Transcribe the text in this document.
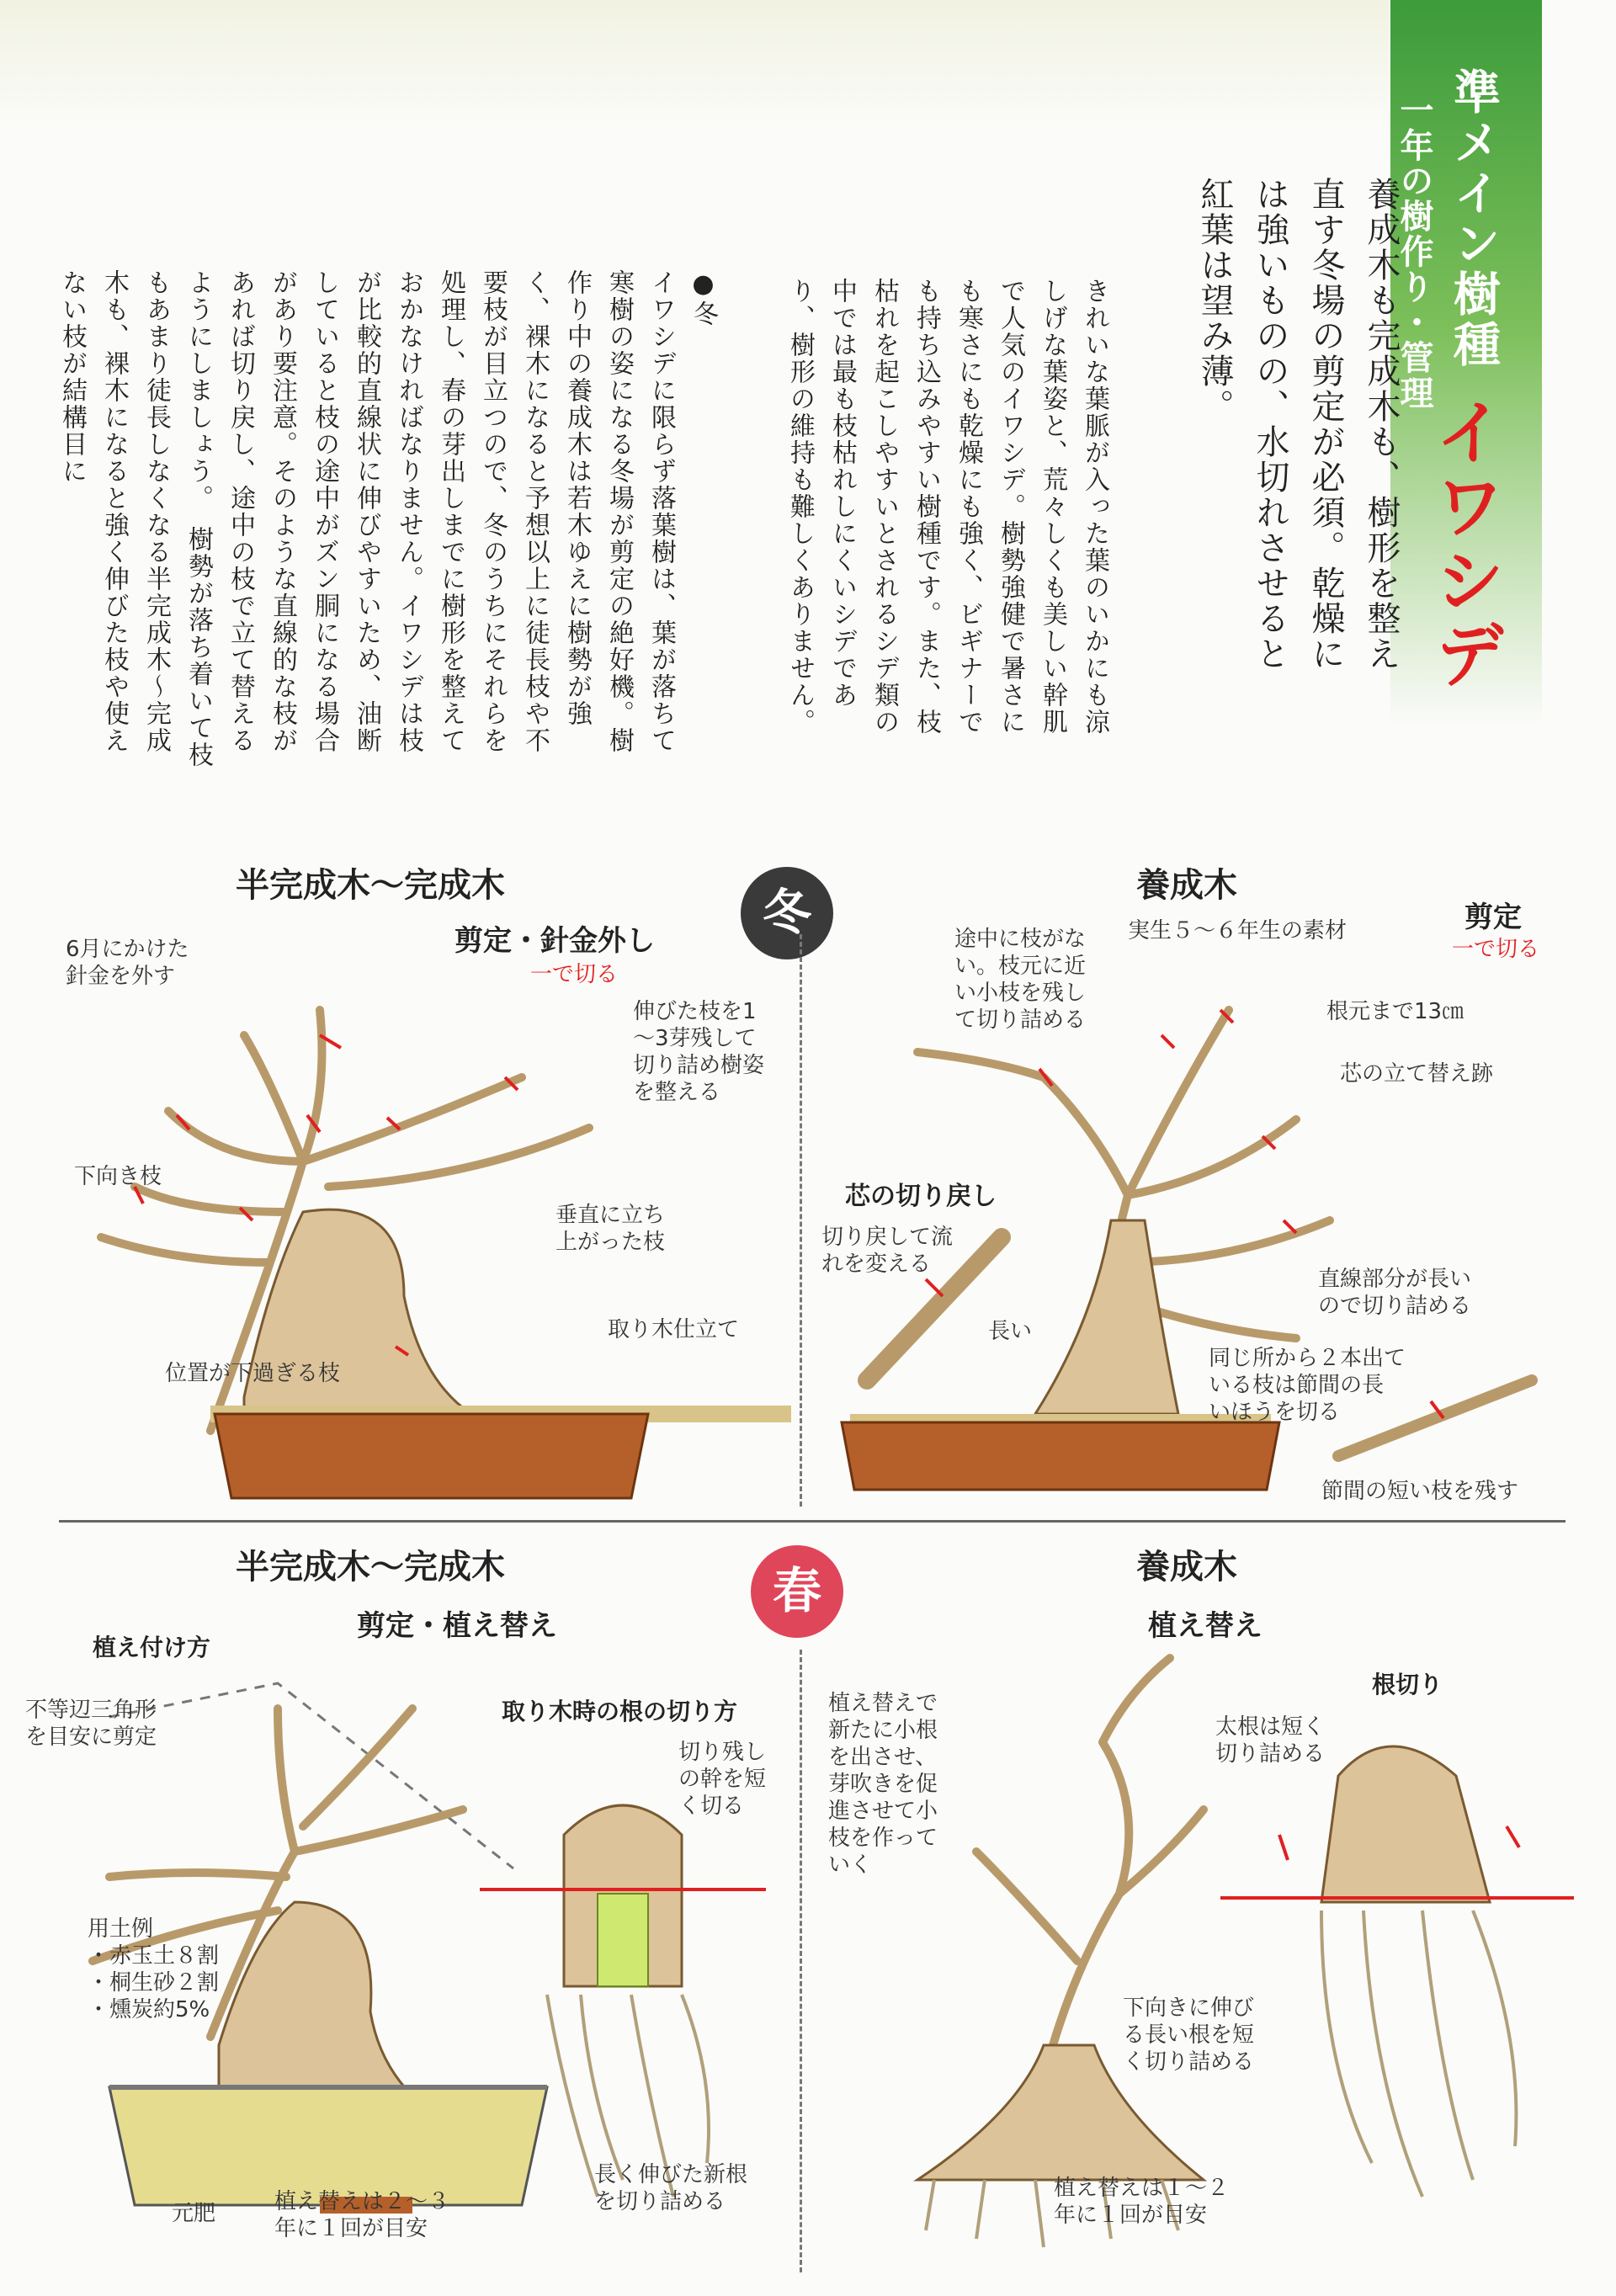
準メイン樹種

一年の樹作り・管理

イワシデ

養成木も完成木も、樹形を整え直す冬場の剪定が必須。乾燥には強いものの、水切れさせると紅葉は望み薄。

きれいな葉脈が入った葉のいかにも涼しげな葉姿と、荒々しくも美しい幹肌で人気のイワシデ。樹勢強健で暑さにも寒さにも乾燥にも強く、ビギナーでも持ち込みやすい樹種です。また、枝枯れを起こしやすいとされるシデ類の中では最も枝枯れしにくいシデであり、樹形の維持も難しくありません。

●冬
イワシデに限らず落葉樹は、葉が落ちて寒樹の姿になる冬場が剪定の絶好機。樹作り中の養成木は若木ゆえに樹勢が強く、裸木になると予想以上に徒長枝や不要枝が目立つので、冬のうちにそれらを処理し、春の芽出しまでに樹形を整えておかなければなりません。イワシデは枝が比較的直線状に伸びやすいため、油断していると枝の途中がズン胴になる場合があり要注意。そのような直線的な枝があれば切り戻し、途中の枝で立て替えるようにしましょう。　樹勢が落ち着いて枝もあまり徒長しなくなる半完成木～完成木も、裸木になると強く伸びた枝や使えない枝が結構目に
半完成木～完成木	冬	養成木
剪定・針金外し
一で切る
実生５～６年生の素材	剪定
一で切る
6月にかけた
針金を外す
伸びた枝を1
～3芽残して
切り詰め樹姿
を整える
下向き枝
垂直に立ち
上がった枝
取り木仕立て
位置が下過ぎる枝
途中に枝がな
い。枝元に近
い小枝を残し
て切り詰める	根元まで13㎝
芯の立て替え跡
芯の切り戻し
切り戻して流
れを変える
長い
直線部分が長い
ので切り詰める
同じ所から２本出て
いる枝は節間の長
いほうを切る
節間の短い枝を残す
半完成木～完成木	春	養成木
剪定・植え替え	植え替え
植え付け方
不等辺三角形
を目安に剪定
用土例
・赤玉土８割
・桐生砂２割
・燻炭約5%
元肥	植え替えは２～３
年に１回が目安
取り木時の根の切り方
切り残し
の幹を短
く切る
長く伸びた新根
を切り詰める
植え替えで
新たに小根
を出させ、
芽吹きを促
進させて小
枝を作って
いく
根切り
太根は短く
切り詰める
下向きに伸び
る長い根を短
く切り詰める
植え替えは１～２
年に１回が目安
